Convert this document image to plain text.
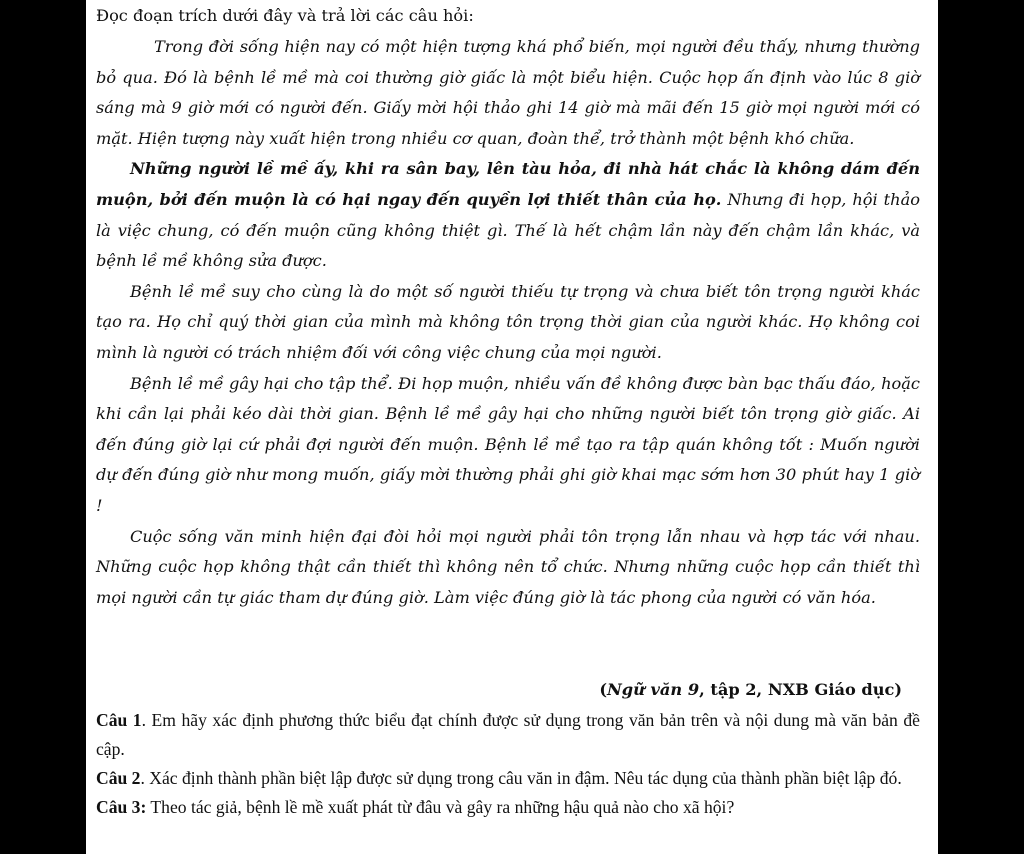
Đọc đoạn trích dưới đây và trả lời các câu hỏi:

Trong đời sống hiện nay có một hiện tượng khá phổ biến, mọi người đều thấy, nhưng thường bỏ qua. Đó là bệnh lề mề mà coi thường giờ giấc là một biểu hiện. Cuộc họp ấn định vào lúc 8 giờ sáng mà 9 giờ mới có người đến. Giấy mời hội thảo ghi 14 giờ mà mãi đến 15 giờ mọi người mới có mặt. Hiện tượng này xuất hiện trong nhiều cơ quan, đoàn thể, trở thành một bệnh khó chữa.

Những người lề mề ấy, khi ra sân bay, lên tàu hỏa, đi nhà hát chắc là không dám đến muộn, bởi đến muộn là có hại ngay đến quyền lợi thiết thân của họ. Nhưng đi họp, hội thảo là việc chung, có đến muộn cũng không thiệt gì. Thế là hết chậm lần này đến chậm lần khác, và bệnh lề mề không sửa được.

Bệnh lề mề suy cho cùng là do một số người thiếu tự trọng và chưa biết tôn trọng người khác tạo ra. Họ chỉ quý thời gian của mình mà không tôn trọng thời gian của người khác. Họ không coi mình là người có trách nhiệm đối với công việc chung của mọi người.

Bệnh lề mề gây hại cho tập thể. Đi họp muộn, nhiều vấn đề không được bàn bạc thấu đáo, hoặc khi cần lại phải kéo dài thời gian. Bệnh lề mề gây hại cho những người biết tôn trọng giờ giấc. Ai đến đúng giờ lại cứ phải đợi người đến muộn. Bệnh lề mề tạo ra tập quán không tốt : Muốn người dự đến đúng giờ như mong muốn, giấy mời thường phải ghi giờ khai mạc sớm hơn 30 phút hay 1 giờ !

Cuộc sống văn minh hiện đại đòi hỏi mọi người phải tôn trọng lẫn nhau và hợp tác với nhau. Những cuộc họp không thật cần thiết thì không nên tổ chức. Nhưng những cuộc họp cần thiết thì mọi người cần tự giác tham dự đúng giờ. Làm việc đúng giờ là tác phong của người có văn hóa.

(Ngữ văn 9, tập 2, NXB Giáo dục)

Câu 1. Em hãy xác định phương thức biểu đạt chính được sử dụng trong văn bản trên và nội dung mà văn bản đề cập.

Câu 2. Xác định thành phần biệt lập được sử dụng trong câu văn in đậm. Nêu tác dụng của thành phần biệt lập đó.

Câu 3: Theo tác giả, bệnh lề mề xuất phát từ đâu và gây ra những hậu quả nào cho xã hội?
